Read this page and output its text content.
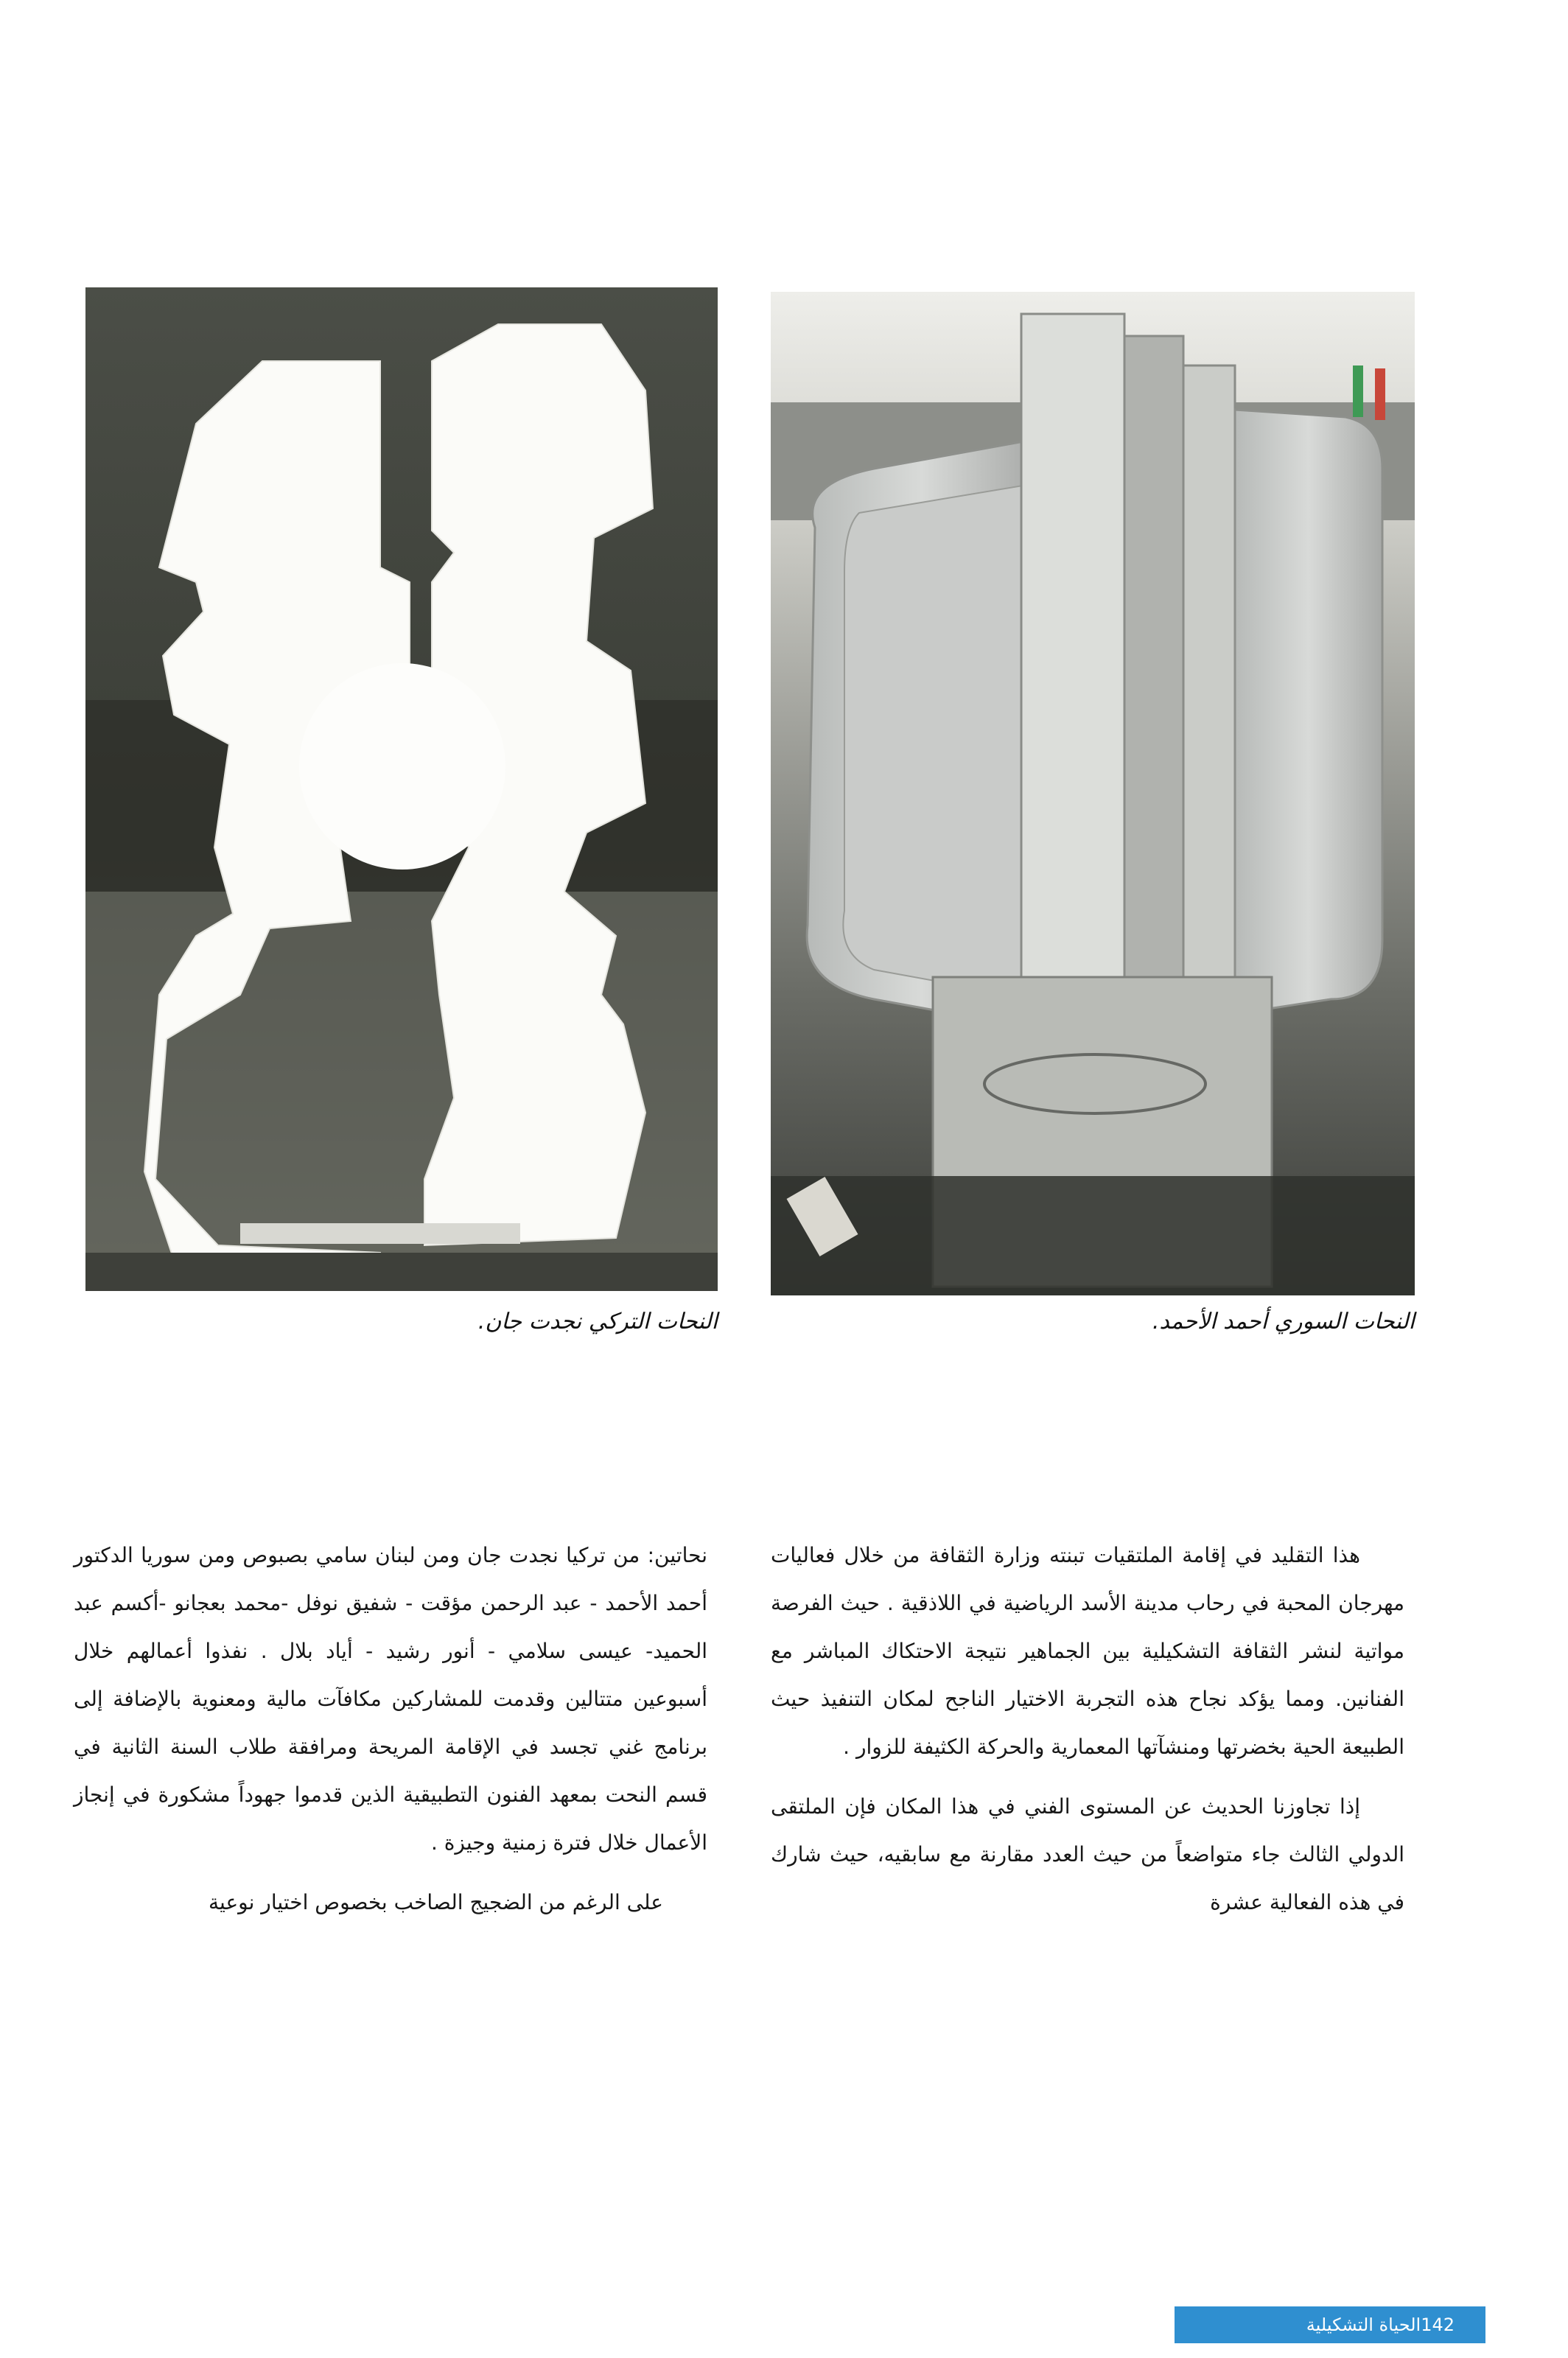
النحات التركي نجدت جان.	النحات السوري أحمد الأحمد.

هذا التقليد في إقامة الملتقيات تبنته وزارة الثقافة من خلال فعاليات مهرجان المحبة في رحاب مدينة الأسد الرياضية في اللاذقية . حيث الفرصة مواتية لنشر الثقافة التشكيلية بين الجماهير نتيجة الاحتكاك المباشر مع الفنانين. ومما يؤكد نجاح هذه التجربة الاختيار الناجح لمكان التنفيذ حيث الطبيعة الحية بخضرتها ومنشآتها المعمارية والحركة الكثيفة للزوار .

إذا تجاوزنا الحديث عن المستوى الفني في هذا المكان فإن الملتقى الدولي الثالث جاء متواضعاً من حيث العدد مقارنة مع سابقيه، حيث شارك في هذه الفعالية عشرة

نحاتين: من تركيا نجدت جان ومن لبنان سامي بصبوص ومن سوريا الدكتور أحمد الأحمد - عبد الرحمن مؤقت - شفيق نوفل -محمد بعجانو -أكسم عبد الحميد- عيسى سلامي - أنور رشيد - أياد بلال . نفذوا أعمالهم خلال أسبوعين متتالين وقدمت للمشاركين مكافآت مالية ومعنوية بالإضافة إلى برنامج غني تجسد في الإقامة المريحة ومرافقة طلاب السنة الثانية في قسم النحت بمعهد الفنون التطبيقية الذين قدموا جهوداً مشكورة في إنجاز الأعمال خلال فترة زمنية وجيزة .

على الرغم من الضجيج الصاخب بخصوص اختيار نوعية

142
الحياة التشكيلية
